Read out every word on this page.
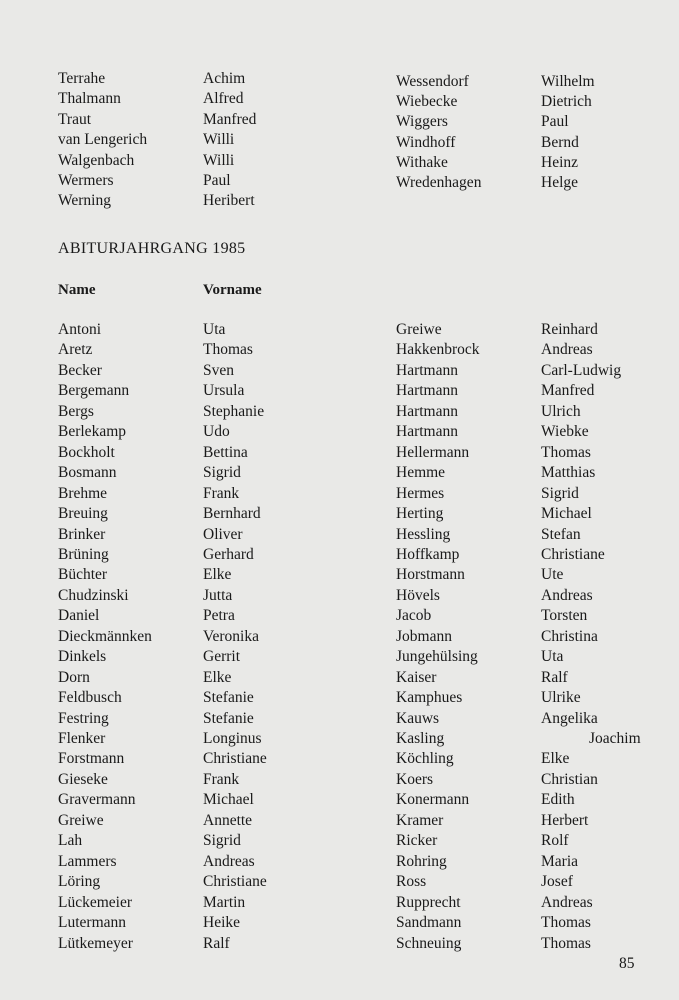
Terrahe	Achim
Thalmann	Alfred
Traut	Manfred
van Lengerich	Willi
Walgenbach	Willi
Wermers	Paul
Werning	Heribert
Wessendorf	Wilhelm
Wiebecke	Dietrich
Wiggers	Paul
Windhoff	Bernd
Withake	Heinz
Wredenhagen	Helge
ABITURJAHRGANG 1985
Name	Vorname
Antoni	Uta
Aretz	Thomas
Becker	Sven
Bergemann	Ursula
Bergs	Stephanie
Berlekamp	Udo
Bockholt	Bettina
Bosmann	Sigrid
Brehme	Frank
Breuing	Bernhard
Brinker	Oliver
Brüning	Gerhard
Büchter	Elke
Chudzinski	Jutta
Daniel	Petra
Dieckmännken	Veronika
Dinkels	Gerrit
Dorn	Elke
Feldbusch	Stefanie
Festring	Stefanie
Flenker	Longinus
Forstmann	Christiane
Gieseke	Frank
Gravermann	Michael
Greiwe	Annette
Lah	Sigrid
Lammers	Andreas
Löring	Christiane
Lückemeier	Martin
Lutermann	Heike
Lütkemeyer	Ralf
Greiwe	Reinhard
Hakkenbrock	Andreas
Hartmann	Carl-Ludwig
Hartmann	Manfred
Hartmann	Ulrich
Hartmann	Wiebke
Hellermann	Thomas
Hemme	Matthias
Hermes	Sigrid
Herting	Michael
Hessling	Stefan
Hoffkamp	Christiane
Horstmann	Ute
Hövels	Andreas
Jacob	Torsten
Jobmann	Christina
Jungehülsing	Uta
Kaiser	Ralf
Kamphues	Ulrike
Kauws	Angelika
Kasling	Joachim
Köchling	Elke
Koers	Christian
Konermann	Edith
Kramer	Herbert
Ricker	Rolf
Rohring	Maria
Ross	Josef
Rupprecht	Andreas
Sandmann	Thomas
Schneuing	Thomas
85
